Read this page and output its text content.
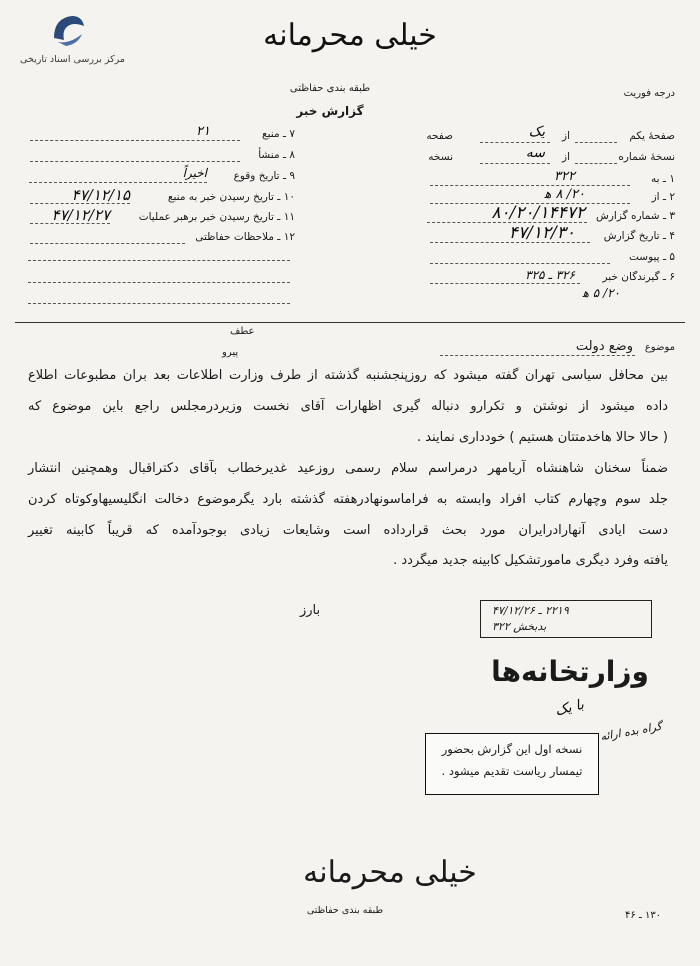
مرکز بررسی اسناد تاریخی
خیلی محرمانه
طبقه بندی حفاظتی
گزارش خبر
درجه فوریت
صفحهٔ یکم
یک از
صفحه
نسخهٔ شماره
سه از
نسخه
۱ ـ به
۳۲۲
۲ ـ از
۲۰/ ۸ ه‍
۳ ـ شماره گزارش
۸۰/۲۰/۱۴۴۷۲
۴ ـ تاریخ گزارش
۴۷/۱۲/۳۰
۵ ـ پیوست
۶ ـ گیرندگان خبر
۳۲۶ ـ ۳۲۵
۲۰/ ۵ ه‍
۷ ـ منبع
۲۱
۸ ـ منشأ
۹ ـ تاریخ وقوع
اخیراً
۱۰ ـ تاریخ رسیدن خبر به منبع
۴۷/۱۲/۱۵
۱۱ ـ تاریخ رسیدن خبر برهبر عملیات
۴۷/۱۲/۲۷
۱۲ ـ ملاحظات حفاظتی
عطف
پیرو	موضوع
وضع دولت
بین محافل سیاسی تهران گفته میشود که روزپنجشنبه گذشته از طرف وزارت اطلاعات بعد بران مطبوعات اطلاع
داده میشود از نوشتن و تکرارو دنباله گیری اظهارات آقای نخست وزیردرمجلس راجع باین موضوع که
( حالا حالا هاخدمتتان هستیم ) خودداری نمایند .
ضمناً سخنان شاهنشاه آریامهر درمراسم سلام رسمی روزعید غدیرخطاب بآقای دکتراقبال وهمچنین انتشار
جلد سوم وچهارم کتاب افراد وابسته به فراماسونهادرهفته گذشته بارد یگرموضوع دخالت انگلیسیهاوکوتاه کردن
دست ایادی آنهارادرایران مورد بحث قرارداده است وشایعات زیادی بوجودآمده که قریباً کابینه تغییر
یافته وفرد دیگری مامورتشکیل کابینه جدید میگردد .
بارز	۲۲۱۹ ـ ۴۷/۱۲/۲۶
بدبخش ۳۲۲
وزارتخانه‌ها
با یک
گراه بده ارائه
نسخه اول این گزارش بحضور
تیمسار ریاست تقدیم میشود .
خیلی محرمانه
طبقه بندی حفاظتی	۱۳۰ ـ ۴۶
